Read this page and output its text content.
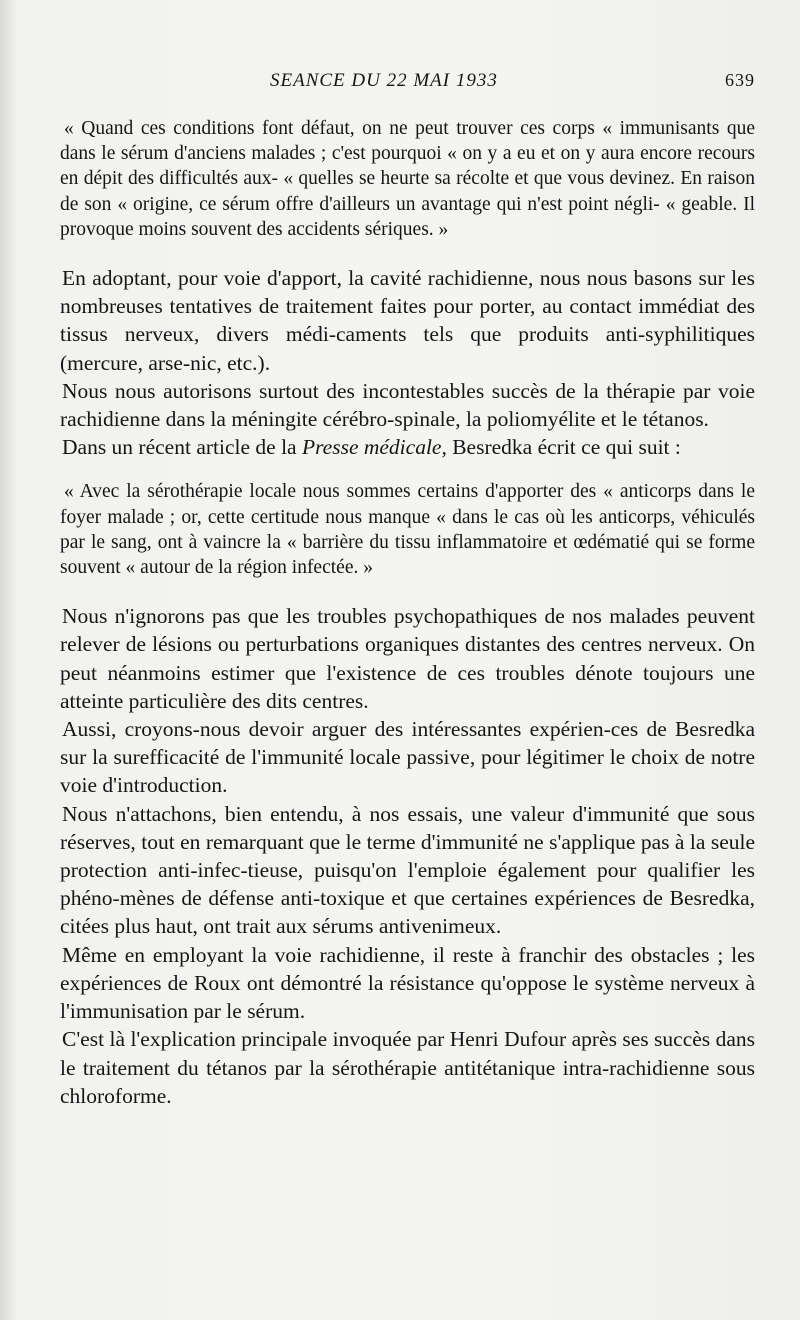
SEANCE DU 22 MAI 1933	639

« Quand ces conditions font défaut, on ne peut trouver ces corps « immunisants que dans le sérum d'anciens malades ; c'est pourquoi « on y a eu et on y aura encore recours en dépit des difficultés aux- « quelles se heurte sa récolte et que vous devinez. En raison de son « origine, ce sérum offre d'ailleurs un avantage qui n'est point négli- « geable. Il provoque moins souvent des accidents sériques. »

En adoptant, pour voie d'apport, la cavité rachidienne, nous nous basons sur les nombreuses tentatives de traitement faites pour porter, au contact immédiat des tissus nerveux, divers médi-caments tels que produits anti-syphilitiques (mercure, arse-nic, etc.).

Nous nous autorisons surtout des incontestables succès de la thérapie par voie rachidienne dans la méningite cérébro-spinale, la poliomyélite et le tétanos.

Dans un récent article de la Presse médicale, Besredka écrit ce qui suit :

« Avec la sérothérapie locale nous sommes certains d'apporter des « anticorps dans le foyer malade ; or, cette certitude nous manque « dans le cas où les anticorps, véhiculés par le sang, ont à vaincre la « barrière du tissu inflammatoire et œdématié qui se forme souvent « autour de la région infectée. »

Nous n'ignorons pas que les troubles psychopathiques de nos malades peuvent relever de lésions ou perturbations organiques distantes des centres nerveux. On peut néanmoins estimer que l'existence de ces troubles dénote toujours une atteinte particulière des dits centres.

Aussi, croyons-nous devoir arguer des intéressantes expérien-ces de Besredka sur la surefficacité de l'immunité locale passive, pour légitimer le choix de notre voie d'introduction.

Nous n'attachons, bien entendu, à nos essais, une valeur d'immunité que sous réserves, tout en remarquant que le terme d'immunité ne s'applique pas à la seule protection anti-infec-tieuse, puisqu'on l'emploie également pour qualifier les phéno-mènes de défense anti-toxique et que certaines expériences de Besredka, citées plus haut, ont trait aux sérums antivenimeux.

Même en employant la voie rachidienne, il reste à franchir des obstacles ; les expériences de Roux ont démontré la résistance qu'oppose le système nerveux à l'immunisation par le sérum.

C'est là l'explication principale invoquée par Henri Dufour après ses succès dans le traitement du tétanos par la sérothérapie antitétanique intra-rachidienne sous chloroforme.
